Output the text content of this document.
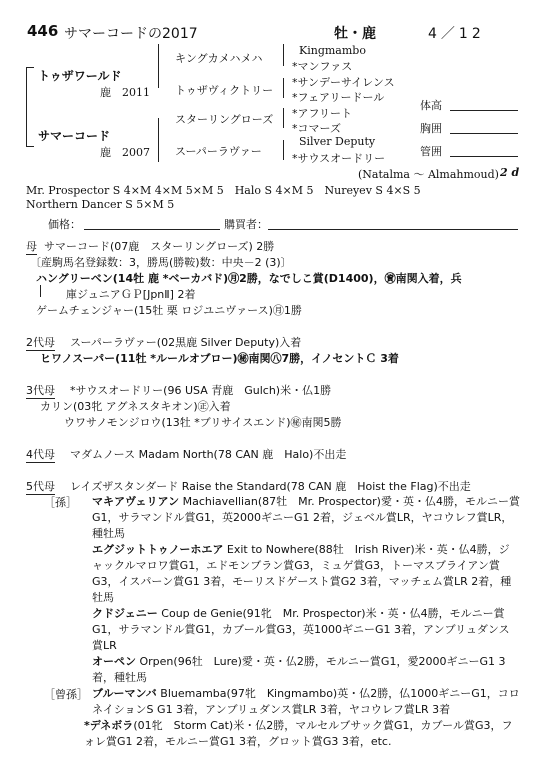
446 サマーコードの2017	牡・鹿	4／12
トゥザワールド
鹿　2011
サマーコード
鹿　2007
キングカメハメハ
トゥザヴィクトリー
スターリングローズ
スーパーラヴァー
Kingmambo
*マンファス
*サンデーサイレンス
*フェアリードール
*アフリート
*コマーズ
Silver Deputy
*サウスオードリー
(Natalma ～ Almahmoud) 2 d
体高
胸囲
管囲
Mr. Prospector S 4×M 4×M 5×M 5　Halo S 4×M 5　Nureyev S 4×S 5
Northern Dancer S 5×M 5
価格：	購買者：
母 サマーコード(07鹿　スターリングローズ) 2勝
〔産駒馬名登録数：3，勝馬(勝鞍)数：中央－2 (3)〕
ハングリーベン(14牡 鹿 *ベーカバド)㊊2勝，なでしこ賞(D1400)，㊮南関入着，兵
庫ジュニアＧＰ[JpnⅡ] 2着
ゲームチェンジャー(15牡 栗 ロジユニヴァース)㊊1勝
2代母 スーパーラヴァー(02黒鹿 Silver Deputy)入着
ヒワノスーパー(11牡 *ルールオブロー)㊙南関㊇7勝，イノセントＣ 3着
3代母 *サウスオードリー(96 USA 青鹿　Gulch)米・仏1勝
カリン(03牝 アグネスタキオン)㊣入着
ウワサノモンジロウ(13牡 *ブリサイスエンド)㊙南関5勝
4代母 マダムノース Madam North(78 CAN 鹿　Halo)不出走
5代母 レイズザスタンダード Raise the Standard(78 CAN 鹿　Hoist the Flag)不出走
［孫］ マキアヴェリアン Machiavellian(87牡　Mr. Prospector)愛・英・仏4勝，モルニー賞G1，サラマンドル賞G1，英2000ギニーG1 2着，ジェベル賞LR，ヤコウレフ賞LR，種牡馬
エグジットトゥノーホエア Exit to Nowhere(88牡　Irish River)米・英・仏4勝，ジャックルマロワ賞G1，エドモンブラン賞G3，ミュゲ賞G3，トーマスブライアン賞G3，イスパーン賞G1 3着，モーリスドゲースト賞G2 3着，マッチェム賞LR 2着，種牡馬
クドジェニー Coup de Genie(91牝　Mr. Prospector)米・英・仏4勝，モルニー賞G1，サラマンドル賞G1，カブール賞G3，英1000ギニーG1 3着，アンブリュダンス賞LR
オーペン Orpen(96牡　Lure)愛・英・仏2勝，モルニー賞G1，愛2000ギニーG1 3着，種牡馬
［曾孫］ ブルーマンバ Bluemamba(97牝　Kingmambo)英・仏2勝，仏1000ギニーG1，コロネイションS G1 3着，アンブリュダンス賞LR 3着，ヤコウレフ賞LR 3着
*デネボラ(01牝　Storm Cat)米・仏2勝，マルセルブサック賞G1，カブール賞G3，フォレ賞G1 2着，モルニー賞G1 3着，グロット賞G3 3着，etc.
